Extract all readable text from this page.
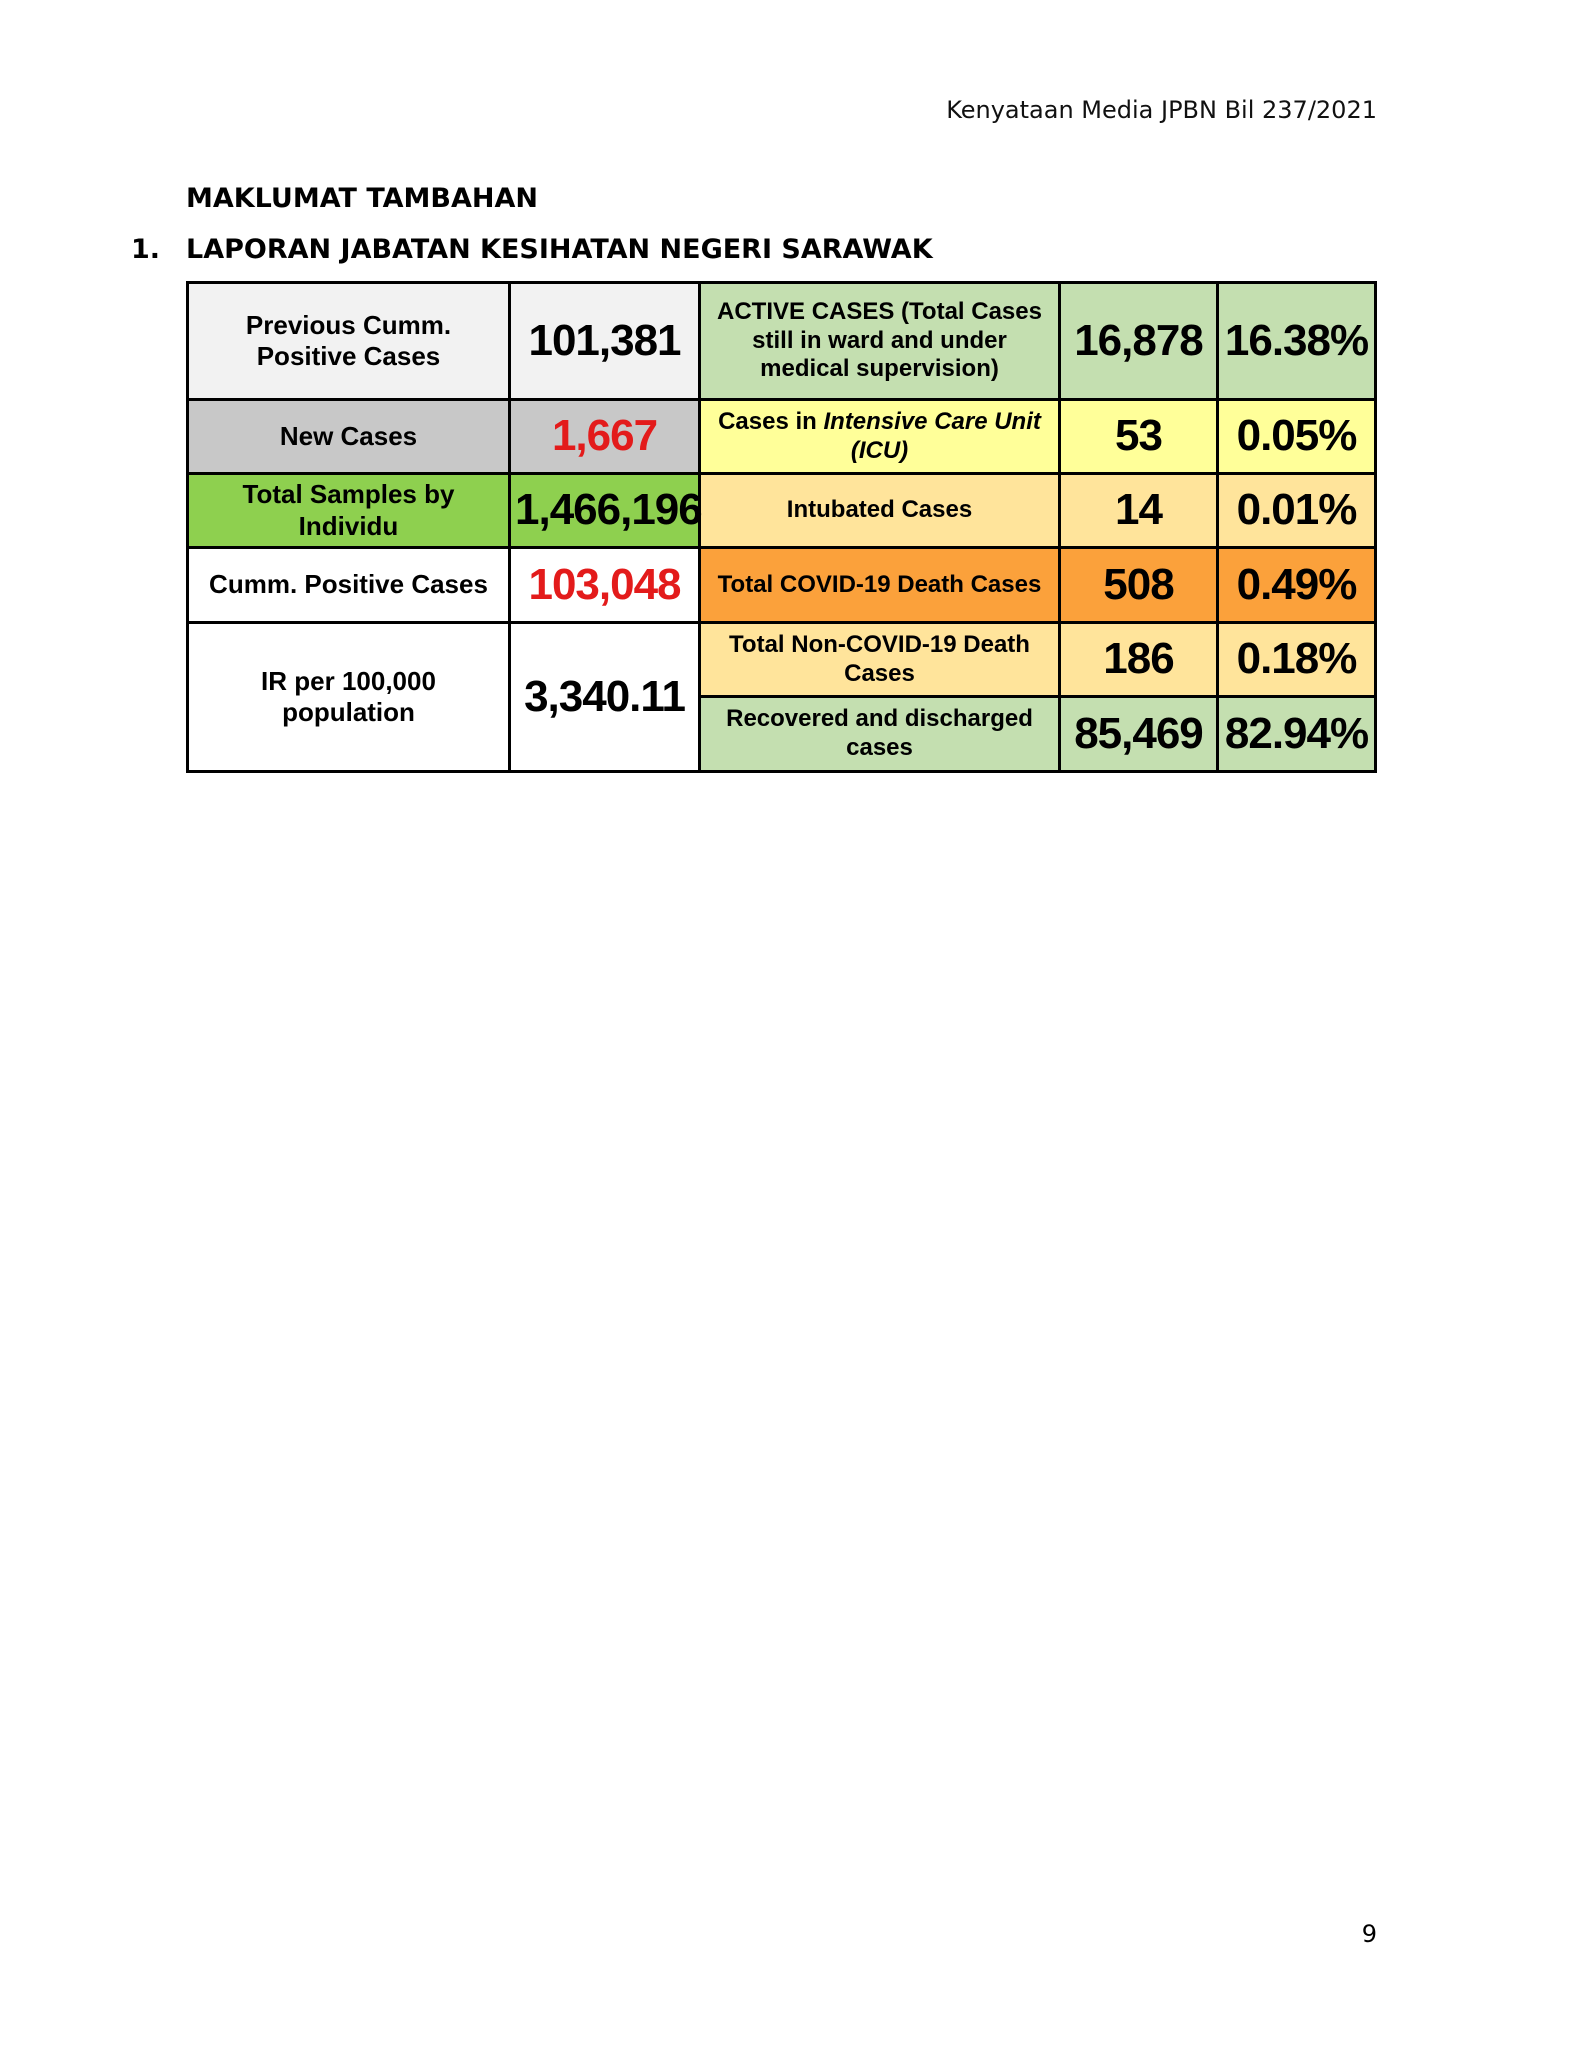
Kenyataan Media JPBN Bil 237/2021
MAKLUMAT TAMBAHAN
1. LAPORAN JABATAN KESIHATAN NEGERI SARAWAK
Previous Cumm. Positive Cases	101,381	ACTIVE CASES (Total Cases still in ward and under medical supervision)	16,878	16.38%
New Cases	1,667	Cases in Intensive Care Unit (ICU)	53	0.05%
Total Samples by Individu	1,466,196	Intubated Cases	14	0.01%
Cumm. Positive Cases	103,048	Total COVID-19 Death Cases	508	0.49%
IR per 100,000 population	3,340.11	Total Non-COVID-19 Death Cases	186	0.18%
		Recovered and discharged cases	85,469	82.94%
9
